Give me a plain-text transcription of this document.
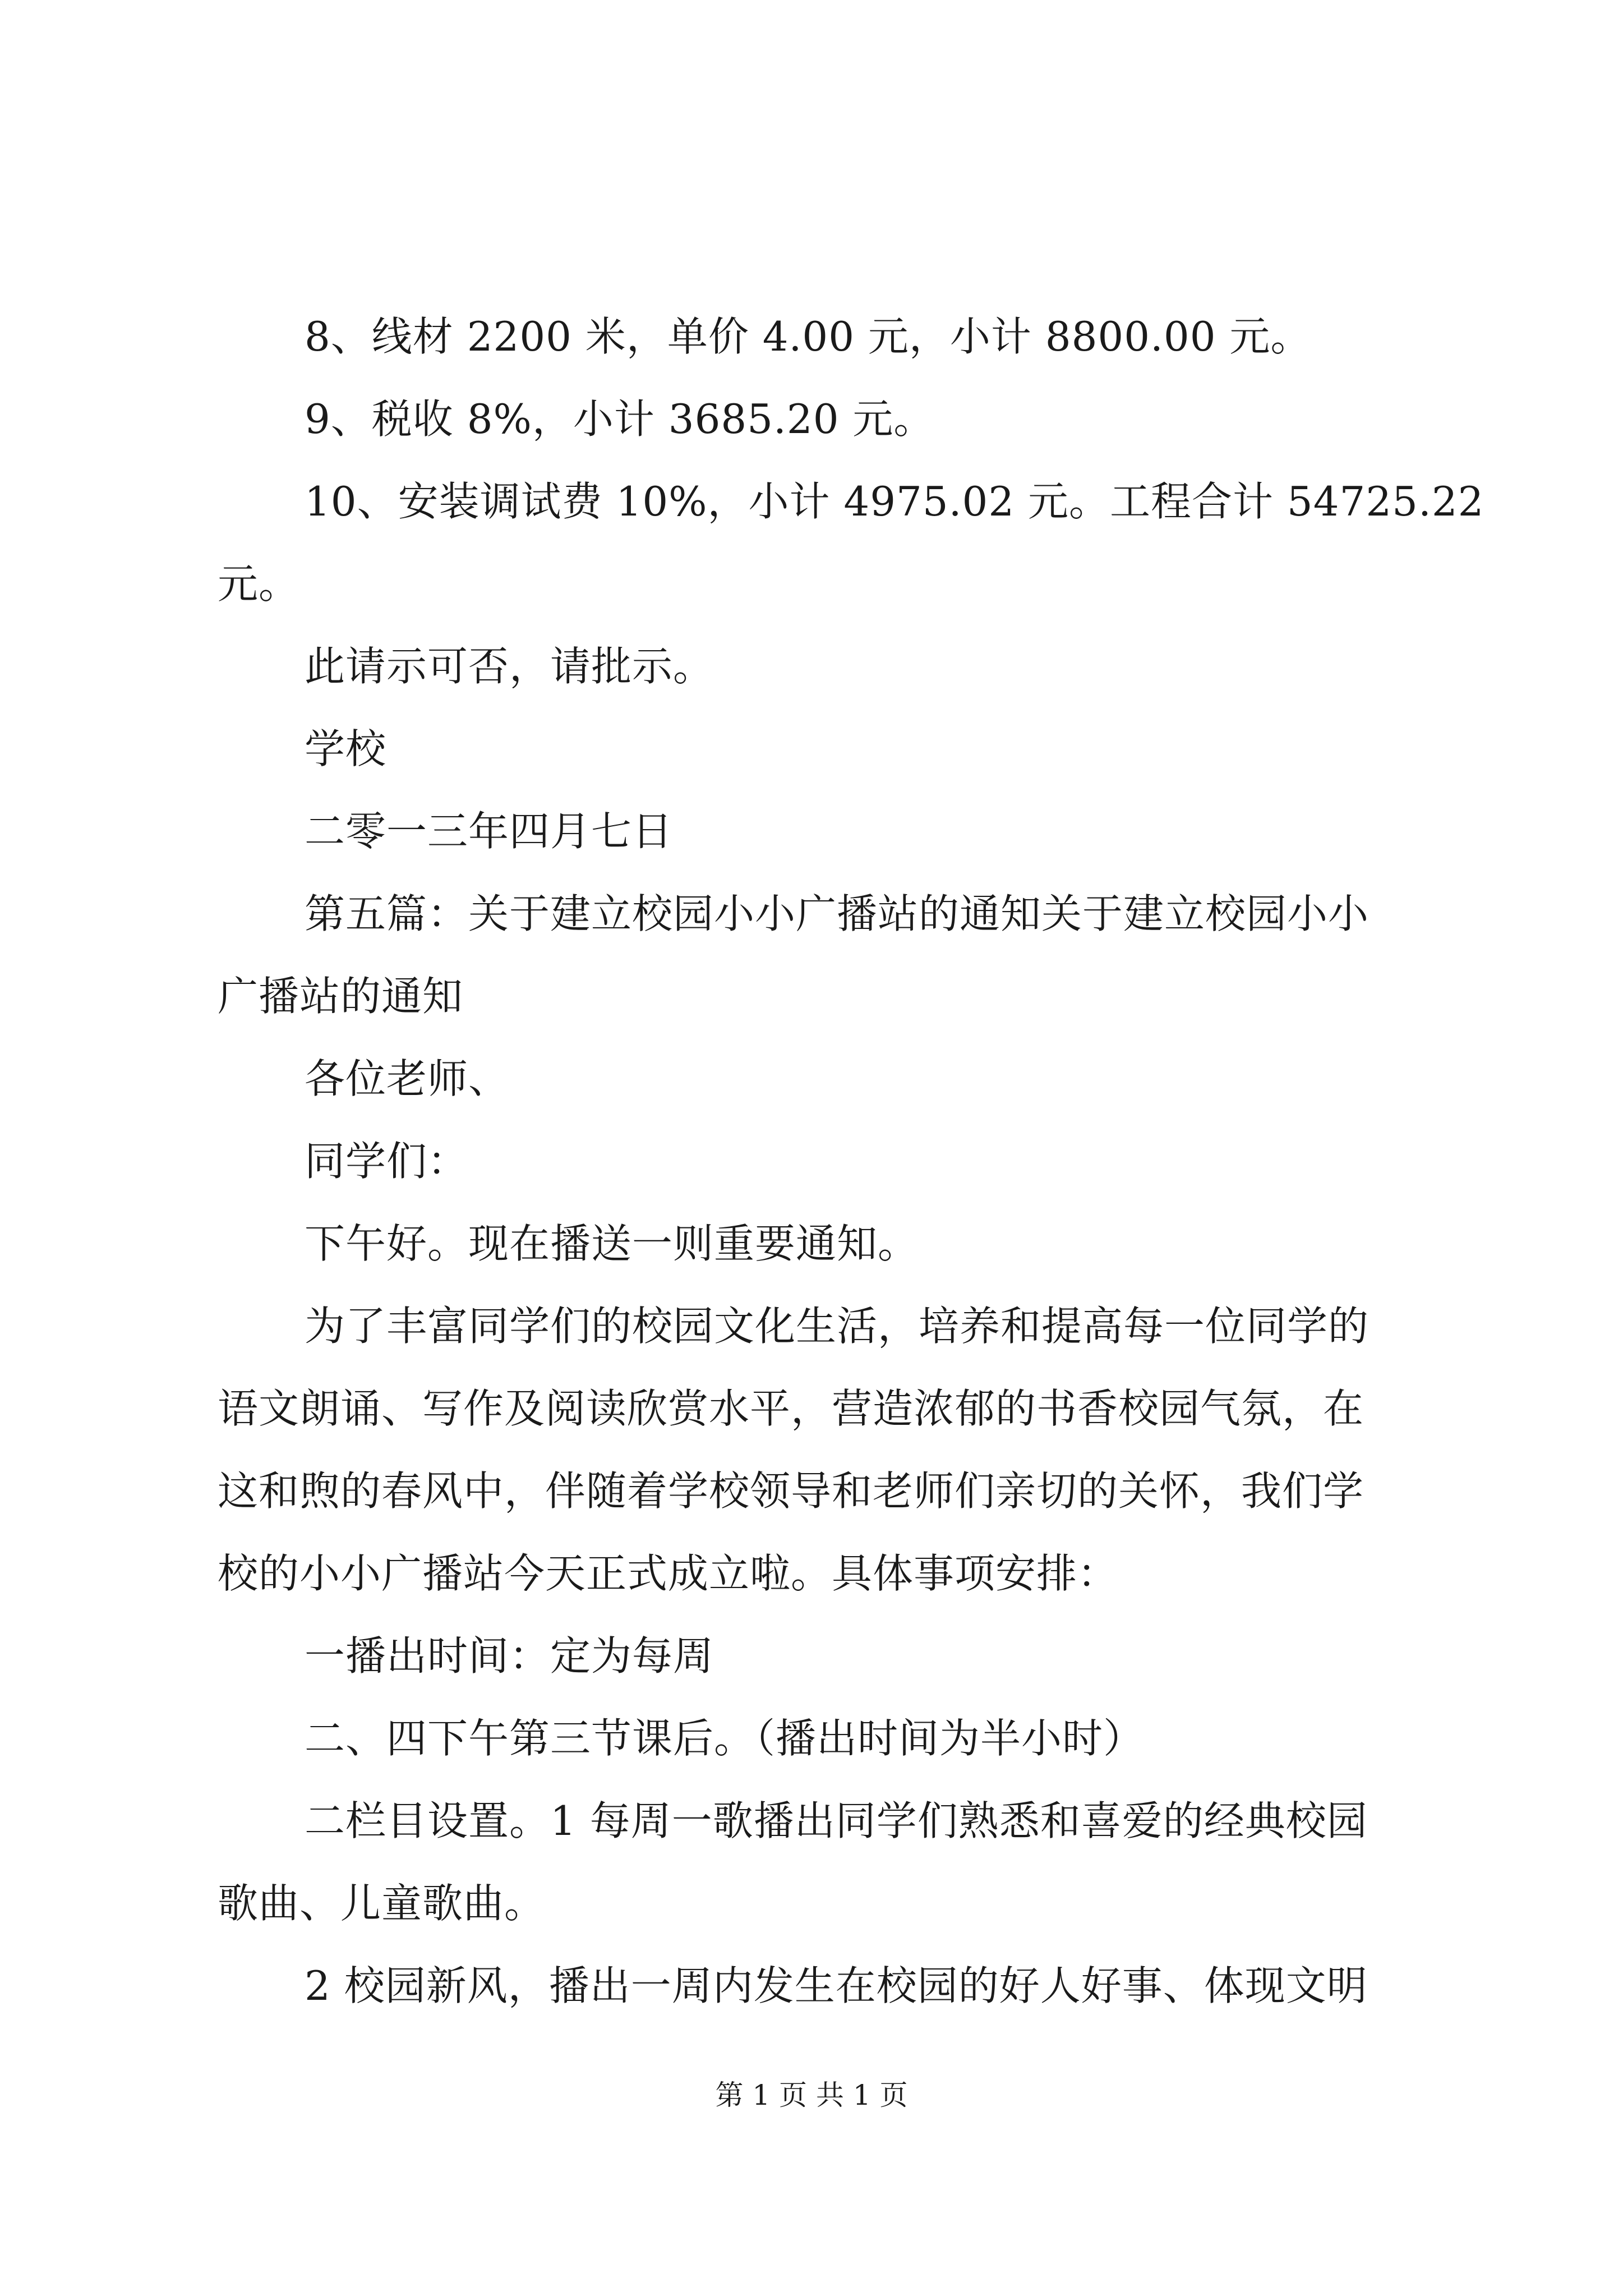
8、线材 2200 米，单价 4.00 元，小计 8800.00 元。
9、税收 8%，小计 3685.20 元。
10、安装调试费 10%，小计 4975.02 元。工程合计 54725.22
元。
此请示可否，请批示。
学校
二零一三年四月七日
第五篇：关于建立校园小小广播站的通知关于建立校园小小
广播站的通知
各位老师、
同学们：
下午好。现在播送一则重要通知。
为了丰富同学们的校园文化生活，培养和提高每一位同学的
语文朗诵、写作及阅读欣赏水平，营造浓郁的书香校园气氛，在
这和煦的春风中，伴随着学校领导和老师们亲切的关怀，我们学
校的小小广播站今天正式成立啦。具体事项安排：
一播出时间：定为每周
二、四下午第三节课后。（播出时间为半小时）
二栏目设置。1 每周一歌播出同学们熟悉和喜爱的经典校园
歌曲、儿童歌曲。
2 校园新风，播出一周内发生在校园的好人好事、体现文明
第 1 页 共 1 页
